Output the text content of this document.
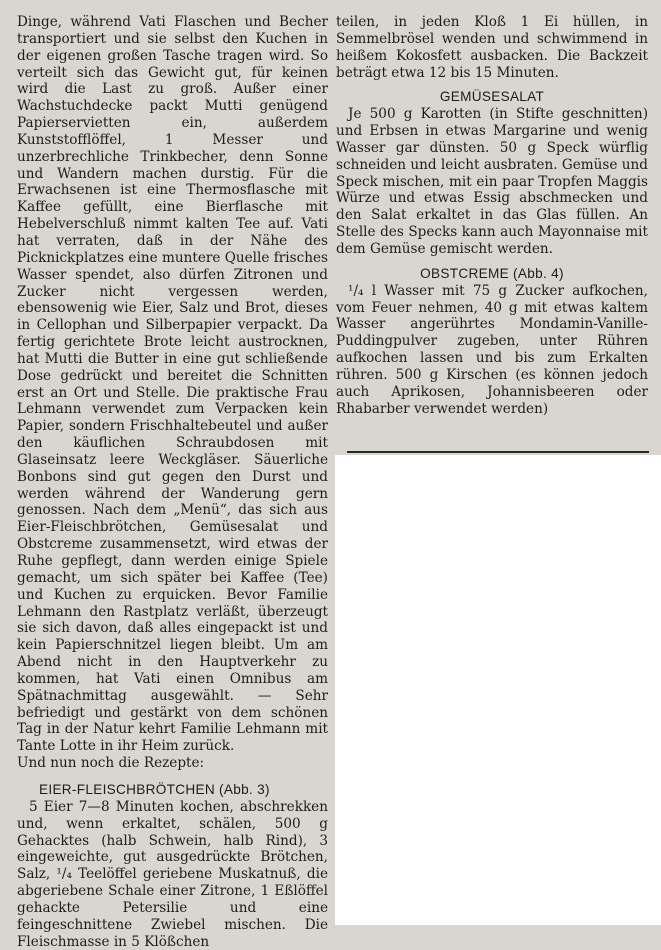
Dinge, während Vati Flaschen und Becher transportiert und sie selbst den Kuchen in der eigenen großen Tasche tragen wird. So verteilt sich das Gewicht gut, für keinen wird die Last zu groß. Außer einer Wachstuchdecke packt Mutti genügend Papierservietten ein, außerdem Kunststofflöffel, 1 Messer und unzerbrechliche Trinkbecher, denn Sonne und Wandern machen durstig. Für die Erwachsenen ist eine Thermosflasche mit Kaffee gefüllt, eine Bierflasche mit Hebelverschluß nimmt kalten Tee auf. Vati hat verraten, daß in der Nähe des Picknickplatzes eine muntere Quelle frisches Wasser spendet, also dürfen Zitronen und Zucker nicht vergessen werden, ebensowenig wie Eier, Salz und Brot, dieses in Cellophan und Silberpapier verpackt. Da fertig gerichtete Brote leicht austrocknen, hat Mutti die Butter in eine gut schließende Dose gedrückt und bereitet die Schnitten erst an Ort und Stelle. Die praktische Frau Lehmann verwendet zum Verpacken kein Papier, sondern Frischhaltebeutel und außer den käuflichen Schraubdosen mit Glaseinsatz leere Weckgläser. Säuerliche Bonbons sind gut gegen den Durst und werden während der Wanderung gern genossen. Nach dem „Menü“, das sich aus Eier-Fleischbrötchen, Gemüsesalat und Obstcreme zusammensetzt, wird etwas der Ruhe gepflegt, dann werden einige Spiele gemacht, um sich später bei Kaffee (Tee) und Kuchen zu erquicken. Bevor Familie Lehmann den Rastplatz verläßt, überzeugt sie sich davon, daß alles eingepackt ist und kein Papierschnitzel liegen bleibt. Um am Abend nicht in den Hauptverkehr zu kommen, hat Vati einen Omnibus am Spätnachmittag ausgewählt. — Sehr befriedigt und gestärkt von dem schönen Tag in der Natur kehrt Familie Lehmann mit Tante Lotte in ihr Heim zurück.

Und nun noch die Rezepte:

EIER-FLEISCHBRÖTCHEN (Abb. 3)

5 Eier 7—8 Minuten kochen, abschrekken und, wenn erkaltet, schälen, 500 g Gehacktes (halb Schwein, halb Rind), 3 eingeweichte, gut ausgedrückte Brötchen, Salz, ¹/₄ Teelöffel geriebene Muskatnuß, die abgeriebene Schale einer Zitrone, 1 Eßlöffel gehackte Petersilie und eine feingeschnittene Zwiebel mischen. Die Fleischmasse in 5 Klößchen

teilen, in jeden Kloß 1 Ei hüllen, in Semmelbrösel wenden und schwimmend in heißem Kokosfett ausbacken. Die Backzeit beträgt etwa 12 bis 15 Minuten.

GEMÜSESALAT

Je 500 g Karotten (in Stifte geschnitten) und Erbsen in etwas Margarine und wenig Wasser gar dünsten. 50 g Speck würflig schneiden und leicht ausbraten. Gemüse und Speck mischen, mit ein paar Tropfen Maggis Würze und etwas Essig abschmecken und den Salat erkaltet in das Glas füllen. An Stelle des Specks kann auch Mayonnaise mit dem Gemüse gemischt werden.

OBSTCREME (Abb. 4)

¹/₄ l Wasser mit 75 g Zucker aufkochen, vom Feuer nehmen, 40 g mit etwas kaltem Wasser angerührtes Mondamin-Vanille-Puddingpulver zugeben, unter Rühren aufkochen lassen und bis zum Erkalten rühren. 500 g Kirschen (es können jedoch auch Aprikosen, Johannisbeeren oder Rhabarber verwendet werden)
